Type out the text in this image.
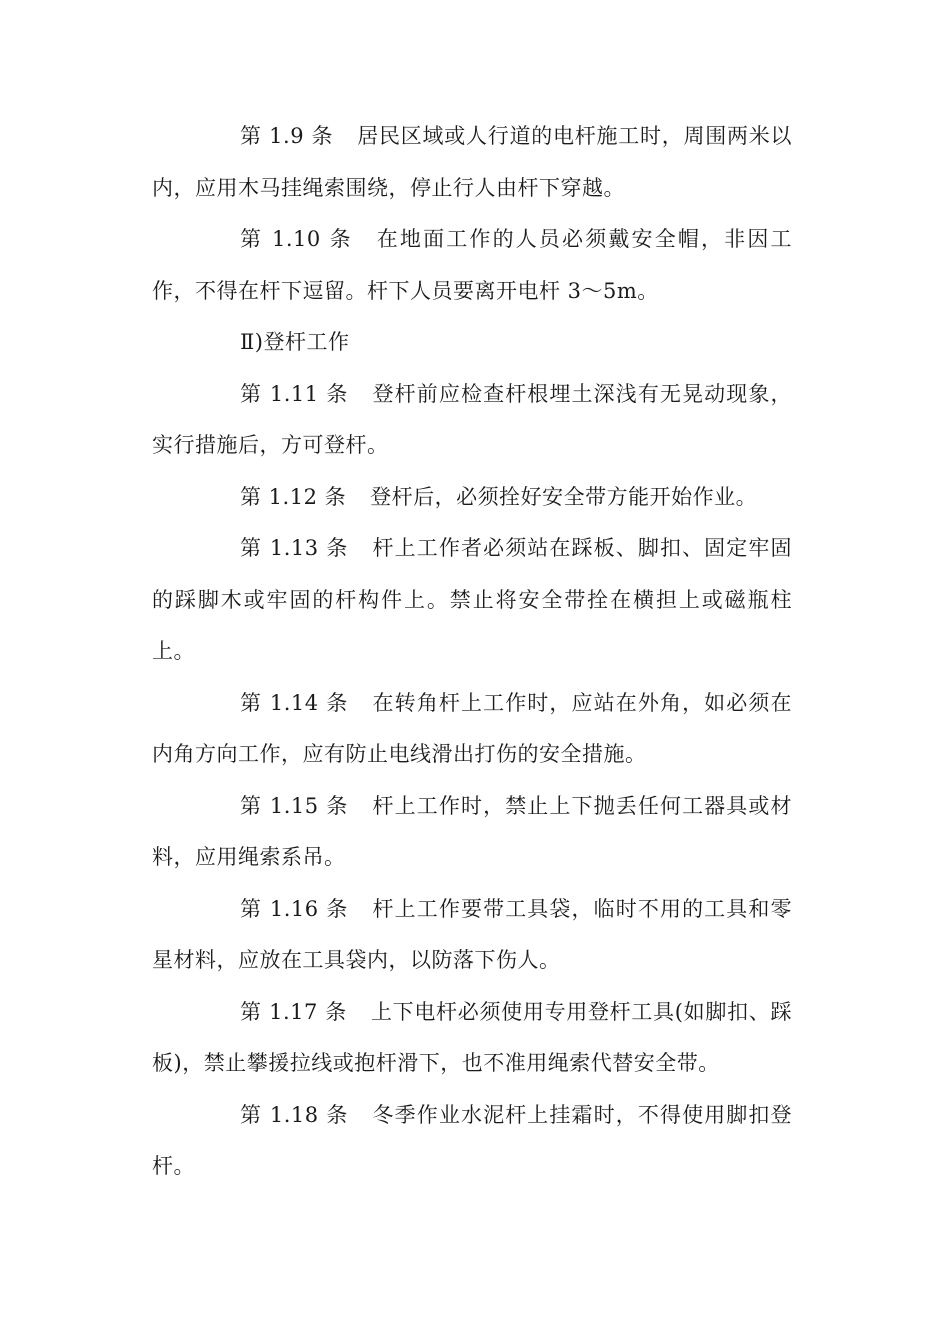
第 1.9 条 居民区域或人行道的电杆施工时，周围两米以内，应用木马挂绳索围绕，停止行人由杆下穿越。

第 1.10 条 在地面工作的人员必须戴安全帽，非因工作，不得在杆下逗留。杆下人员要离开电杆 3～5m。

Ⅱ)登杆工作

第 1.11 条 登杆前应检查杆根埋土深浅有无晃动现象，实行措施后，方可登杆。

第 1.12 条 登杆后，必须拴好安全带方能开始作业。

第 1.13 条 杆上工作者必须站在踩板、脚扣、固定牢固的踩脚木或牢固的杆构件上。禁止将安全带拴在横担上或磁瓶柱上。

第 1.14 条 在转角杆上工作时，应站在外角，如必须在内角方向工作，应有防止电线滑出打伤的安全措施。

第 1.15 条 杆上工作时，禁止上下抛丢任何工器具或材料，应用绳索系吊。

第 1.16 条 杆上工作要带工具袋，临时不用的工具和零星材料，应放在工具袋内，以防落下伤人。

第 1.17 条 上下电杆必须使用专用登杆工具(如脚扣、踩板)，禁止攀援拉线或抱杆滑下，也不准用绳索代替安全带。

第 1.18 条 冬季作业水泥杆上挂霜时，不得使用脚扣登杆。
